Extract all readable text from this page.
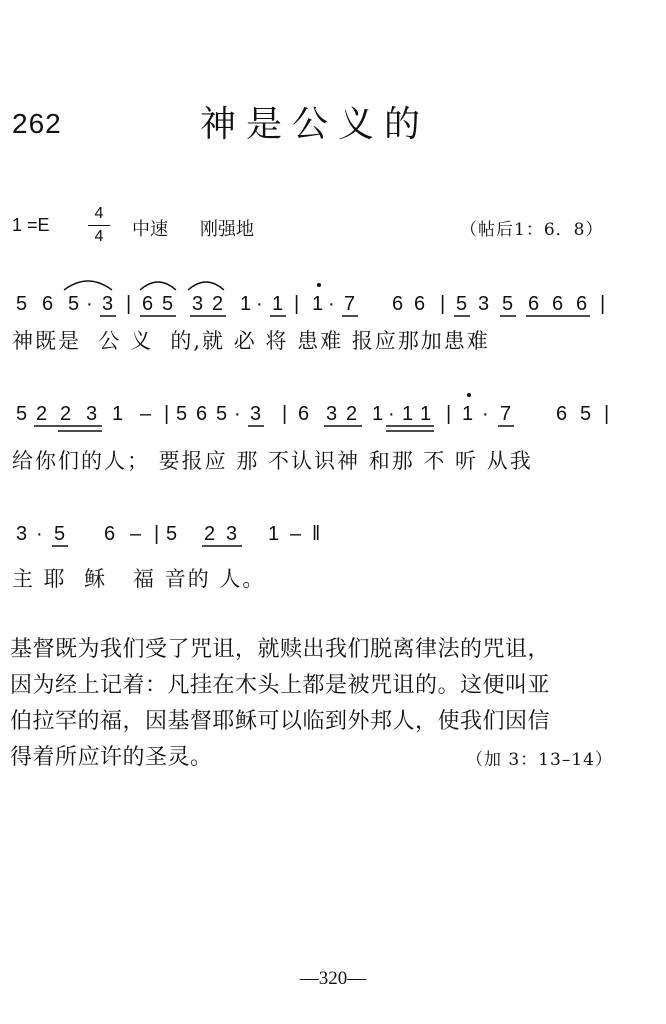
262	神是公义的
$1 =E \frac{4}{4}$ 中速 刚强地	（帖后1：6．8）
5 6 5 · 3 | 6 5 3 2 1 · 1 | 1 · 7 6 6 | 5 3 5 6 6 6 |
5 2 2 3 1 – | 5 6 5 · 3 | 6 3 2 1 · 1 1 | 1 · 7 6 5 |
3 · 5 6 – | 5 2 3 1 – ‖
神既是  公 义  的,就 必 将 患难 报应那加患难
给你们的人； 要报应 那 不认识神 和那 不 听 从我
主 耶  稣   福 音的 人。

基督既为我们受了咒诅，就赎出我们脱离律法的咒诅，

因为经上记着：凡挂在木头上都是被咒诅的。这便叫亚

伯拉罕的福，因基督耶稣可以临到外邦人，使我们因信

得着所应许的圣灵。	（加 3：13–14）
—320—
